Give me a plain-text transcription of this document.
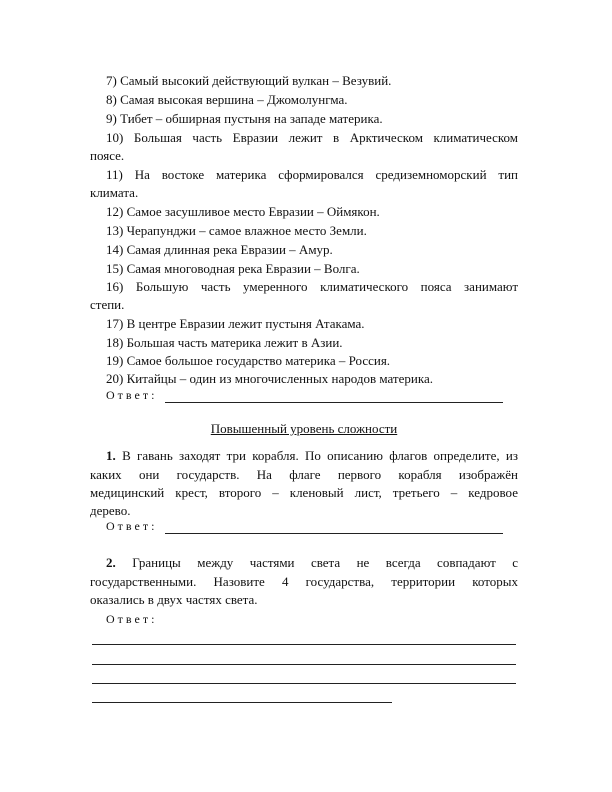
7) Самый высокий действующий вулкан – Везувий.

8) Самая высокая вершина – Джомолунгма.

9) Тибет – обширная пустыня на западе материка.

10) Большая часть Евразии лежит в Арктическом климатическом

поясе.

11) На востоке материка сформировался средиземноморский тип

климата.

12) Самое засушливое место Евразии – Оймякон.

13) Черапунджи – самое влажное место Земли.

14) Самая длинная река Евразии – Амур.

15) Самая многоводная река Евразии – Волга.

16) Большую часть умеренного климатического пояса занимают

степи.

17) В центре Евразии лежит пустыня Атакама.

18) Большая часть материка лежит в Азии.

19) Самое большое государство материка – Россия.

20) Китайцы – один из многочисленных народов материка.

Ответ:
Повышенный уровень сложности

1. В гавань заходят три корабля. По описанию флагов определите, из

каких они государств. На флаге первого корабля изображён

медицинский крест, второго – кленовый лист, третьего – кедровое

дерево.

Ответ:

2. Границы между частями света не всегда совпадают с

государственными. Назовите 4 государства, территории которых

оказались в двух частях света.

Ответ:
